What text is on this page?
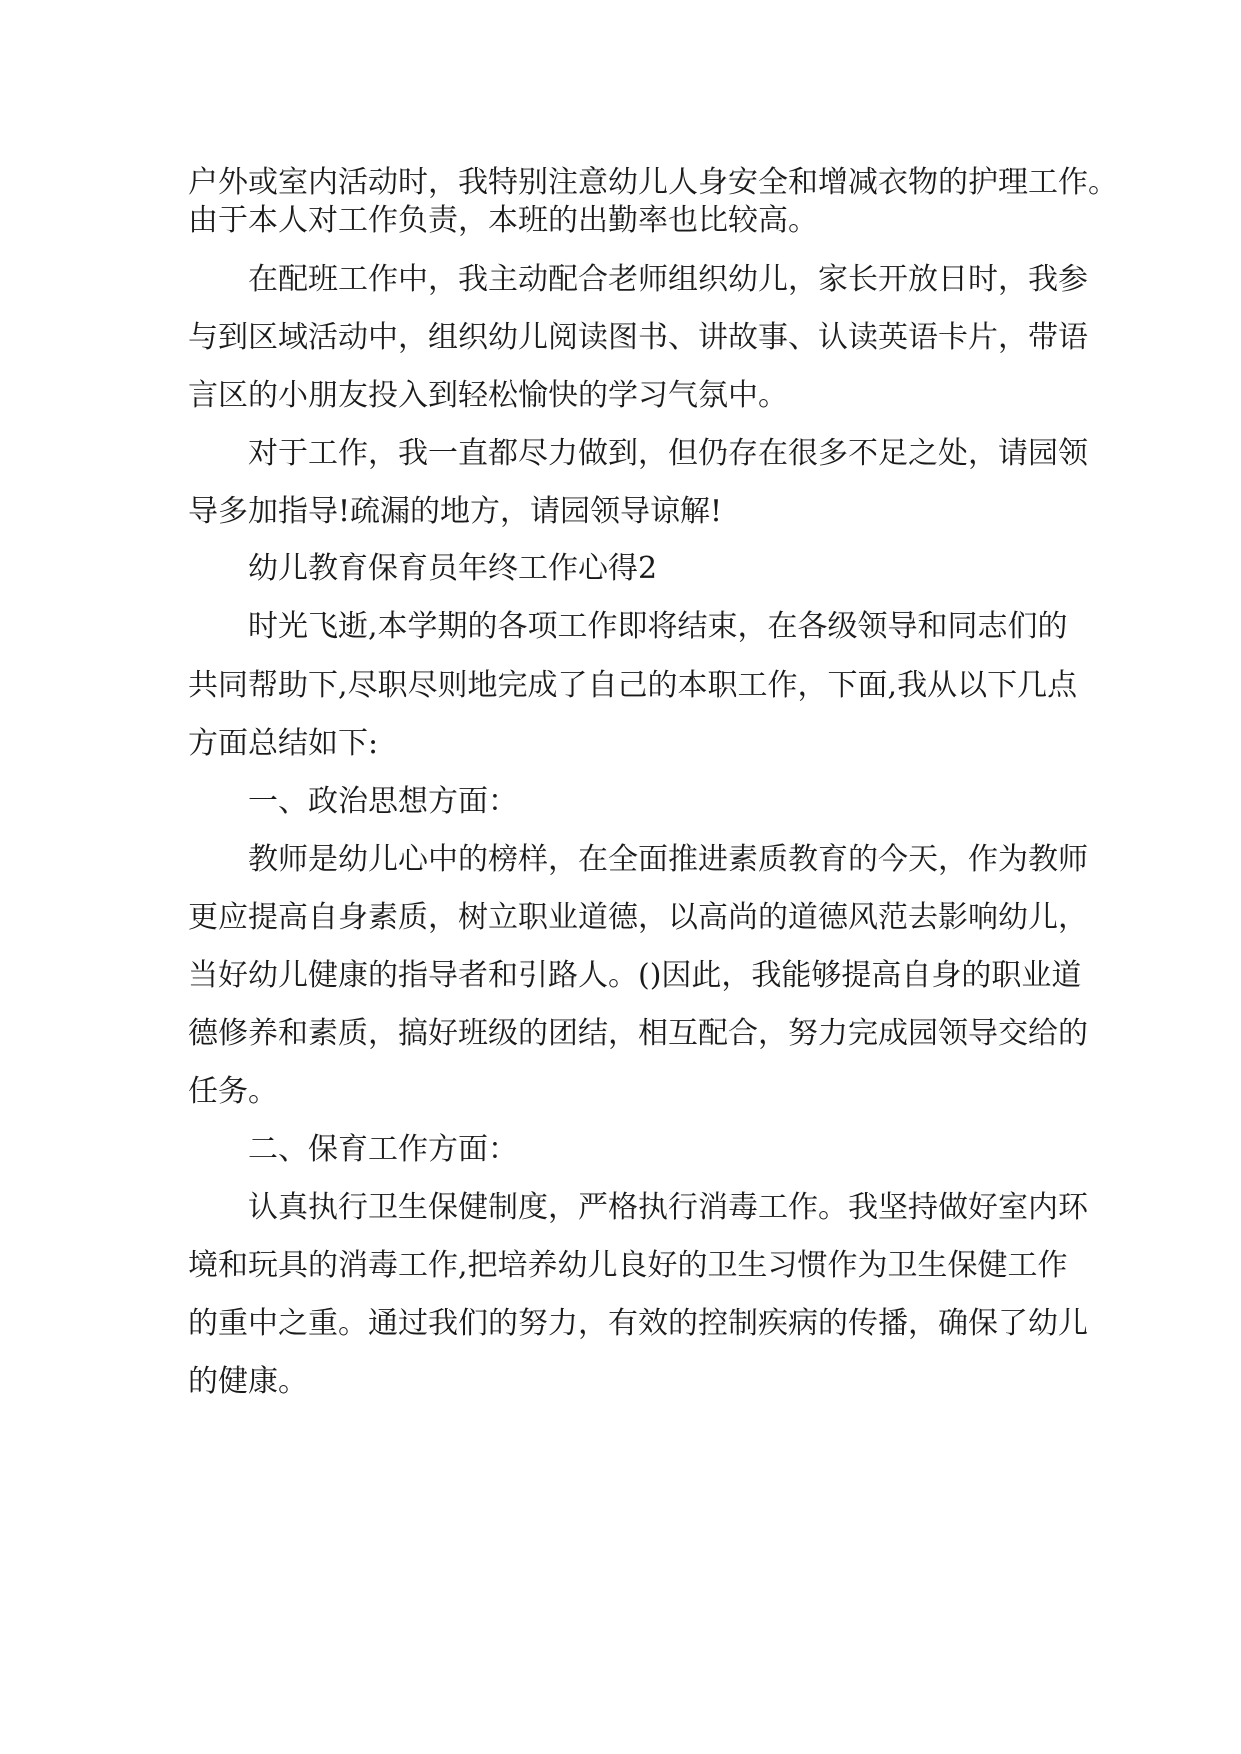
户外或室内活动时，我特别注意幼儿人身安全和增减衣物的护理工作。
由于本人对工作负责，本班的出勤率也比较高。
在配班工作中，我主动配合老师组织幼儿，家长开放日时，我参
与到区域活动中，组织幼儿阅读图书、讲故事、认读英语卡片，带语
言区的小朋友投入到轻松愉快的学习气氛中。
对于工作，我一直都尽力做到，但仍存在很多不足之处，请园领
导多加指导!疏漏的地方，请园领导谅解!
幼儿教育保育员年终工作心得2
时光飞逝,本学期的各项工作即将结束，在各级领导和同志们的
共同帮助下,尽职尽则地完成了自己的本职工作，下面,我从以下几点
方面总结如下:
一、政治思想方面：
教师是幼儿心中的榜样，在全面推进素质教育的今天，作为教师
更应提高自身素质，树立职业道德，以高尚的道德风范去影响幼儿，
当好幼儿健康的指导者和引路人。()因此，我能够提高自身的职业道
德修养和素质，搞好班级的团结，相互配合，努力完成园领导交给的
任务。
二、保育工作方面：
认真执行卫生保健制度，严格执行消毒工作。我坚持做好室内环
境和玩具的消毒工作,把培养幼儿良好的卫生习惯作为卫生保健工作
的重中之重。通过我们的努力，有效的控制疾病的传播，确保了幼儿
的健康。
